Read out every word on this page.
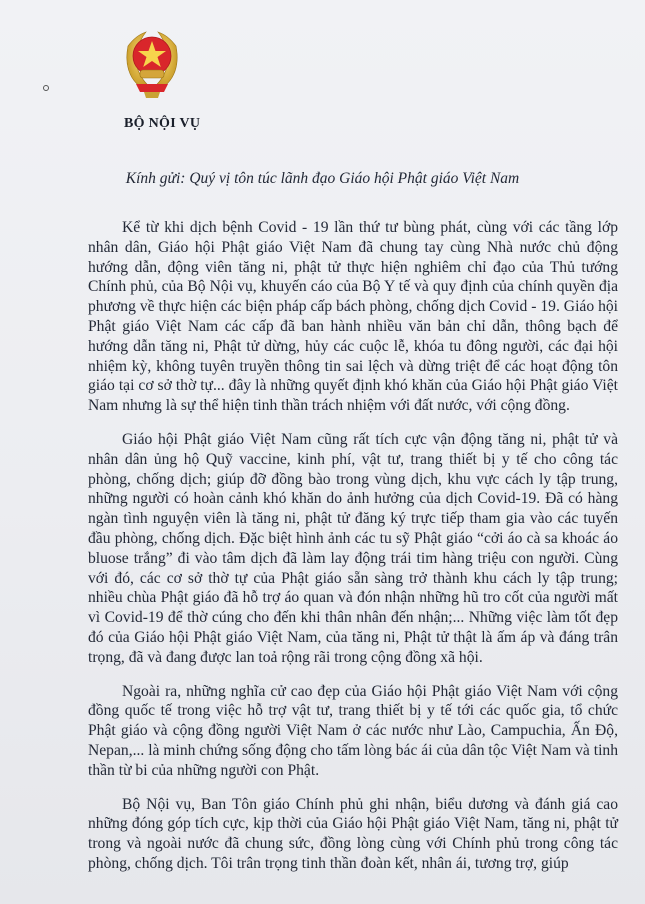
BỘ NỘI VỤ
Kính gửi: Quý vị tôn túc lãnh đạo Giáo hội Phật giáo Việt Nam

Kể từ khi dịch bệnh Covid - 19 lần thứ tư bùng phát, cùng với các tầng lớp nhân dân, Giáo hội Phật giáo Việt Nam đã chung tay cùng Nhà nước chủ động hướng dẫn, động viên tăng ni, phật tử thực hiện nghiêm chỉ đạo của Thủ tướng Chính phủ, của Bộ Nội vụ, khuyến cáo của Bộ Y tế và quy định của chính quyền địa phương về thực hiện các biện pháp cấp bách phòng, chống dịch Covid - 19. Giáo hội Phật giáo Việt Nam các cấp đã ban hành nhiều văn bản chỉ dẫn, thông bạch để hướng dẫn tăng ni, Phật tử dừng, hủy các cuộc lễ, khóa tu đông người, các đại hội nhiệm kỳ, không tuyên truyền thông tin sai lệch và dừng triệt để các hoạt động tôn giáo tại cơ sở thờ tự... đây là những quyết định khó khăn của Giáo hội Phật giáo Việt Nam nhưng là sự thể hiện tinh thần trách nhiệm với đất nước, với cộng đồng.

Giáo hội Phật giáo Việt Nam cũng rất tích cực vận động tăng ni, phật tử và nhân dân ủng hộ Quỹ vaccine, kinh phí, vật tư, trang thiết bị y tế cho công tác phòng, chống dịch; giúp đỡ đồng bào trong vùng dịch, khu vực cách ly tập trung, những người có hoàn cảnh khó khăn do ảnh hưởng của dịch Covid-19. Đã có hàng ngàn tình nguyện viên là tăng ni, phật tử đăng ký trực tiếp tham gia vào các tuyến đầu phòng, chống dịch. Đặc biệt hình ảnh các tu sỹ Phật giáo “cởi áo cà sa khoác áo bluose trắng” đi vào tâm dịch đã làm lay động trái tim hàng triệu con người. Cùng với đó, các cơ sở thờ tự của Phật giáo sẵn sàng trở thành khu cách ly tập trung; nhiều chùa Phật giáo đã hỗ trợ áo quan và đón nhận những hũ tro cốt của người mất vì Covid-19 để thờ cúng cho đến khi thân nhân đến nhận;... Những việc làm tốt đẹp đó của Giáo hội Phật giáo Việt Nam, của tăng ni, Phật tử thật là ấm áp và đáng trân trọng, đã và đang được lan toả rộng rãi trong cộng đồng xã hội.

Ngoài ra, những nghĩa cử cao đẹp của Giáo hội Phật giáo Việt Nam với cộng đồng quốc tế trong việc hỗ trợ vật tư, trang thiết bị y tế tới các quốc gia, tổ chức Phật giáo và cộng đồng người Việt Nam ở các nước như Lào, Campuchia, Ấn Độ, Nepan,... là minh chứng sống động cho tấm lòng bác ái của dân tộc Việt Nam và tinh thần từ bi của những người con Phật.

Bộ Nội vụ, Ban Tôn giáo Chính phủ ghi nhận, biểu dương và đánh giá cao những đóng góp tích cực, kịp thời của Giáo hội Phật giáo Việt Nam, tăng ni, phật tử trong và ngoài nước đã chung sức, đồng lòng cùng với Chính phủ trong công tác phòng, chống dịch. Tôi trân trọng tinh thần đoàn kết, nhân ái, tương trợ, giúp
